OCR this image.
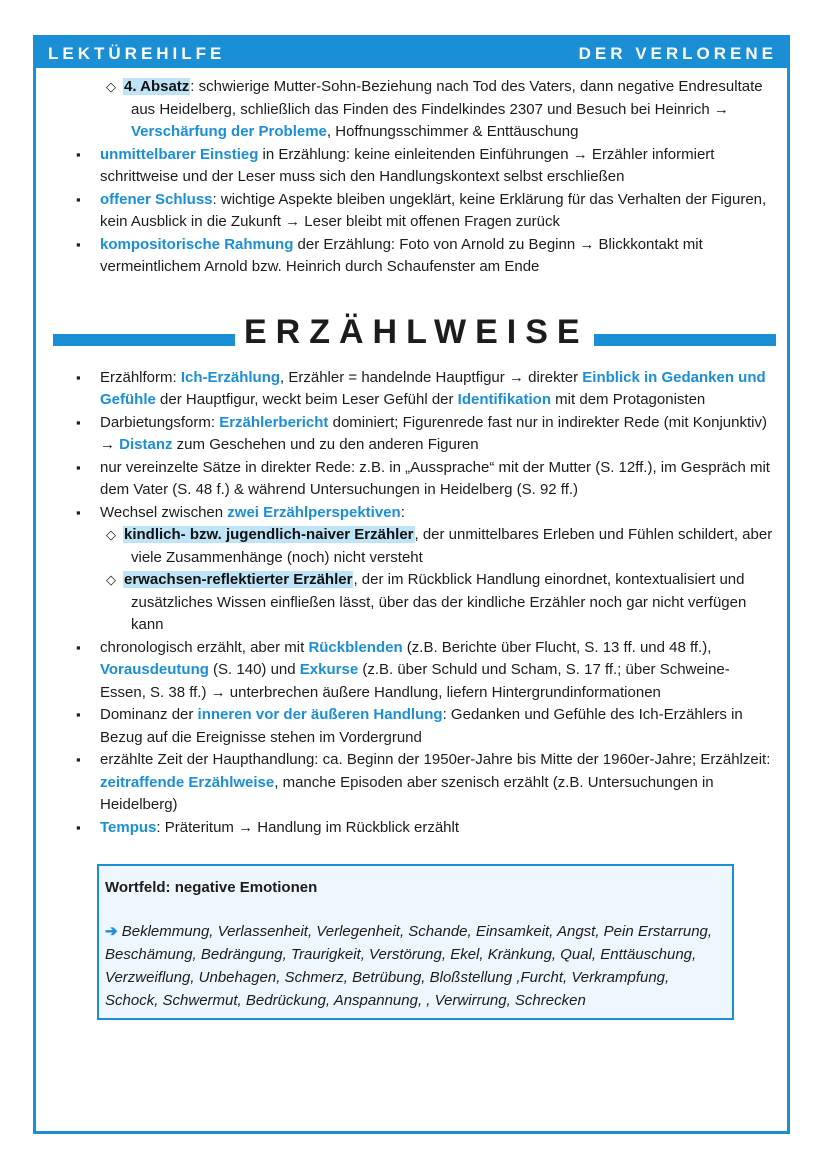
LEKTÜREHILFE	DER VERLORENE
◇ 4. Absatz: schwierige Mutter-Sohn-Beziehung nach Tod des Vaters, dann negative Endresultate aus Heidelberg, schließlich das Finden des Findelkindes 2307 und Besuch bei Heinrich → Verschärfung der Probleme, Hoffnungsschimmer & Enttäuschung
▪ unmittelbarer Einstieg in Erzählung: keine einleitenden Einführungen → Erzähler informiert schrittweise und der Leser muss sich den Handlungskontext selbst erschließen
▪ offener Schluss: wichtige Aspekte bleiben ungeklärt, keine Erklärung für das Verhalten der Figuren, kein Ausblick in die Zukunft → Leser bleibt mit offenen Fragen zurück
▪ kompositorische Rahmung der Erzählung: Foto von Arnold zu Beginn → Blickkontakt mit vermeintlichem Arnold bzw. Heinrich durch Schaufenster am Ende
ERZÄHLWEISE
▪ Erzählform: Ich-Erzählung, Erzähler = handelnde Hauptfigur → direkter Einblick in Gedanken und Gefühle der Hauptfigur, weckt beim Leser Gefühl der Identifikation mit dem Protagonisten
▪ Darbietungsform: Erzählerbericht dominiert; Figurenrede fast nur in indirekter Rede (mit Konjunktiv) → Distanz zum Geschehen und zu den anderen Figuren
▪ nur vereinzelte Sätze in direkter Rede: z.B. in „Aussprache“ mit der Mutter (S. 12ff.), im Gespräch mit dem Vater (S. 48 f.) & während Untersuchungen in Heidelberg (S. 92 ff.)
▪ Wechsel zwischen zwei Erzählperspektiven:
◇ kindlich- bzw. jugendlich-naiver Erzähler, der unmittelbares Erleben und Fühlen schildert, aber viele Zusammenhänge (noch) nicht versteht
◇ erwachsen-reflektierter Erzähler, der im Rückblick Handlung einordnet, kontextualisiert und zusätzliches Wissen einfließen lässt, über das der kindliche Erzähler noch gar nicht verfügen kann
▪ chronologisch erzählt, aber mit Rückblenden (z.B. Berichte über Flucht, S. 13 ff. und 48 ff.), Vorausdeutung (S. 140) und Exkurse (z.B. über Schuld und Scham, S. 17 ff.; über Schweine-Essen, S. 38 ff.) → unterbrechen äußere Handlung, liefern Hintergrundinformationen
▪ Dominanz der inneren vor der äußeren Handlung: Gedanken und Gefühle des Ich-Erzählers in Bezug auf die Ereignisse stehen im Vordergrund
▪ erzählte Zeit der Haupthandlung: ca. Beginn der 1950er-Jahre bis Mitte der 1960er-Jahre; Erzählzeit: zeitraffende Erzählweise, manche Episoden aber szenisch erzählt (z.B. Untersuchungen in Heidelberg)
▪ Tempus: Präteritum → Handlung im Rückblick erzählt
Wortfeld: negative Emotionen
➔ Beklemmung, Verlassenheit, Verlegenheit, Schande, Einsamkeit, Angst, Pein Erstarrung, Beschämung, Bedrängung, Traurigkeit, Verstörung, Ekel, Kränkung, Qual, Enttäuschung, Verzweiflung, Unbehagen, Schmerz, Betrübung, Bloßstellung ,Furcht, Verkrampfung, Schock, Schwermut, Bedrückung, Anspannung, , Verwirrung, Schrecken
